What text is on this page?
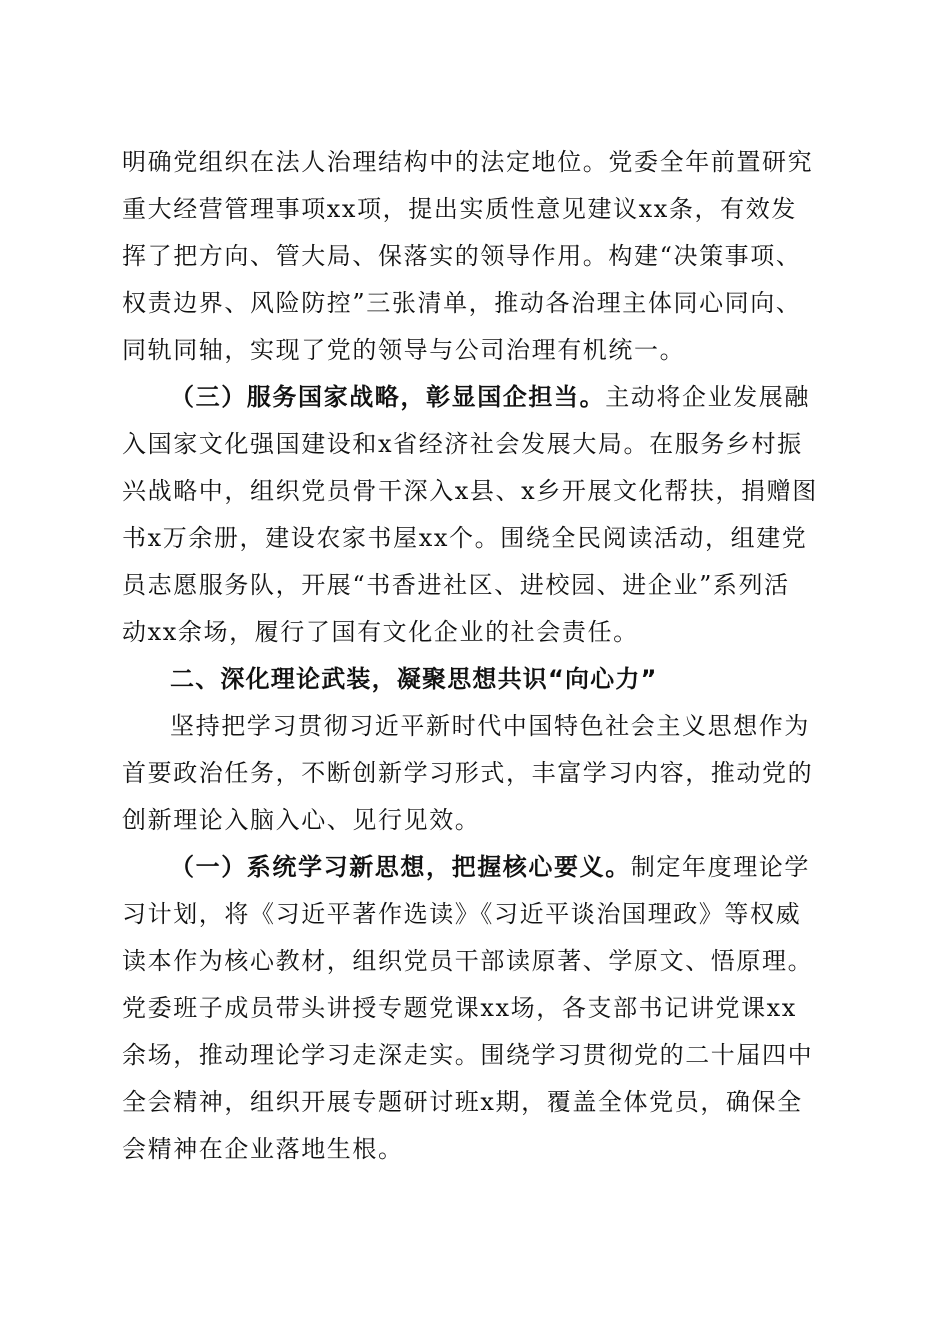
明确党组织在法人治理结构中的法定地位。党委全年前置研究
重大经营管理事项xx项，提出实质性意见建议xx条，有效发
挥了把方向、管大局、保落实的领导作用。构建“决策事项、
权责边界、风险防控”三张清单，推动各治理主体同心同向、
同轨同轴，实现了党的领导与公司治理有机统一。
（三）服务国家战略，彰显国企担当。主动将企业发展融
入国家文化强国建设和x省经济社会发展大局。在服务乡村振
兴战略中，组织党员骨干深入x县、x乡开展文化帮扶，捐赠图
书x万余册，建设农家书屋xx个。围绕全民阅读活动，组建党
员志愿服务队，开展“书香进社区、进校园、进企业”系列活
动xx余场，履行了国有文化企业的社会责任。
二、深化理论武装，凝聚思想共识“向心力”
坚持把学习贯彻习近平新时代中国特色社会主义思想作为
首要政治任务，不断创新学习形式，丰富学习内容，推动党的
创新理论入脑入心、见行见效。
（一）系统学习新思想，把握核心要义。制定年度理论学
习计划，将《习近平著作选读》《习近平谈治国理政》等权威
读本作为核心教材，组织党员干部读原著、学原文、悟原理。
党委班子成员带头讲授专题党课xx场，各支部书记讲党课xx
余场，推动理论学习走深走实。围绕学习贯彻党的二十届四中
全会精神，组织开展专题研讨班x期，覆盖全体党员，确保全
会精神在企业落地生根。
